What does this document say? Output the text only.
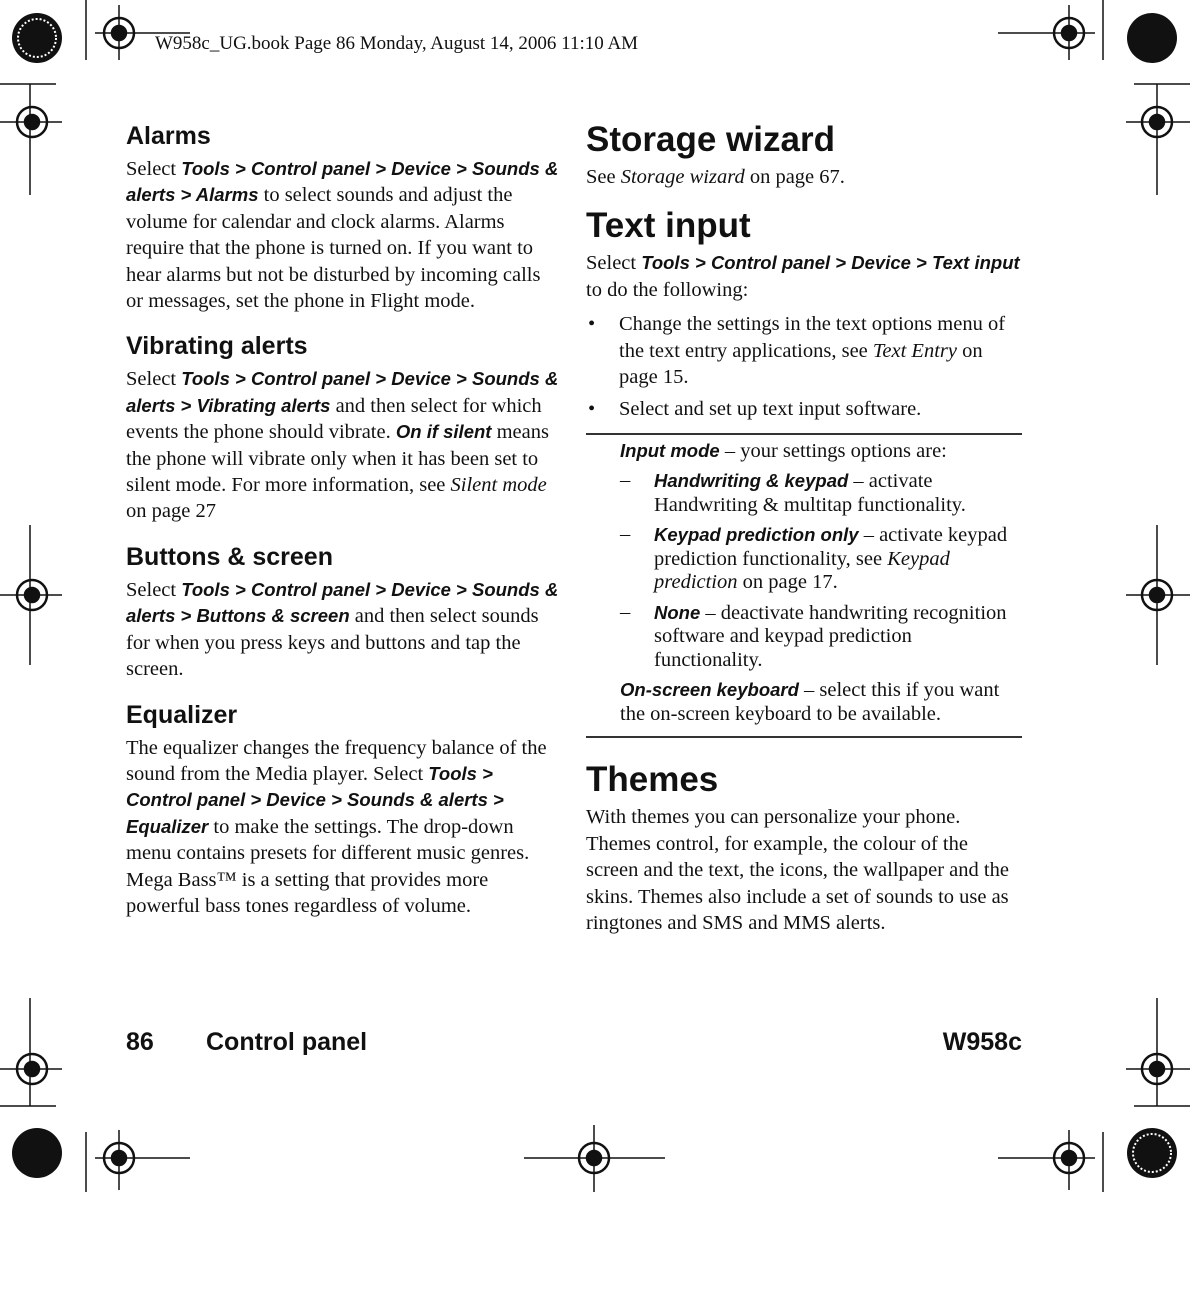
W958c_UG.book Page 86 Monday, August 14, 2006 11:10 AM
Alarms

Select Tools > Control panel > Device > Sounds & alerts > Alarms to select sounds and adjust the volume for calendar and clock alarms. Alarms require that the phone is turned on. If you want to hear alarms but not be disturbed by incoming calls or messages, set the phone in Flight mode.

Vibrating alerts

Select Tools > Control panel > Device > Sounds & alerts > Vibrating alerts and then select for which events the phone should vibrate. On if silent means the phone will vibrate only when it has been set to silent mode. For more information, see Silent mode on page 27

Buttons & screen

Select Tools > Control panel > Device > Sounds & alerts > Buttons & screen and then select sounds for when you press keys and buttons and tap the screen.

Equalizer

The equalizer changes the frequency balance of the sound from the Media player. Select Tools > Control panel > Device > Sounds & alerts > Equalizer to make the settings. The drop-down menu contains presets for different music genres. Mega Bass™ is a setting that provides more powerful bass tones regardless of volume.

Storage wizard

See Storage wizard on page 67.

Text input

Select Tools > Control panel > Device > Text input to do the following:

• Change the settings in the text options menu of the text entry applications, see Text Entry on page 15.
• Select and set up text input software.

Input mode – your settings options are:

– Handwriting & keypad – activate Handwriting & multitap functionality.
– Keypad prediction only – activate keypad prediction functionality, see Keypad prediction on page 17.
– None – deactivate handwriting recognition software and keypad prediction functionality.

On-screen keyboard – select this if you want the on-screen keyboard to be available.

Themes

With themes you can personalize your phone. Themes control, for example, the colour of the screen and the text, the icons, the wallpaper and the skins. Themes also include a set of sounds to use as ringtones and SMS and MMS alerts.

86 Control panel	W958c
